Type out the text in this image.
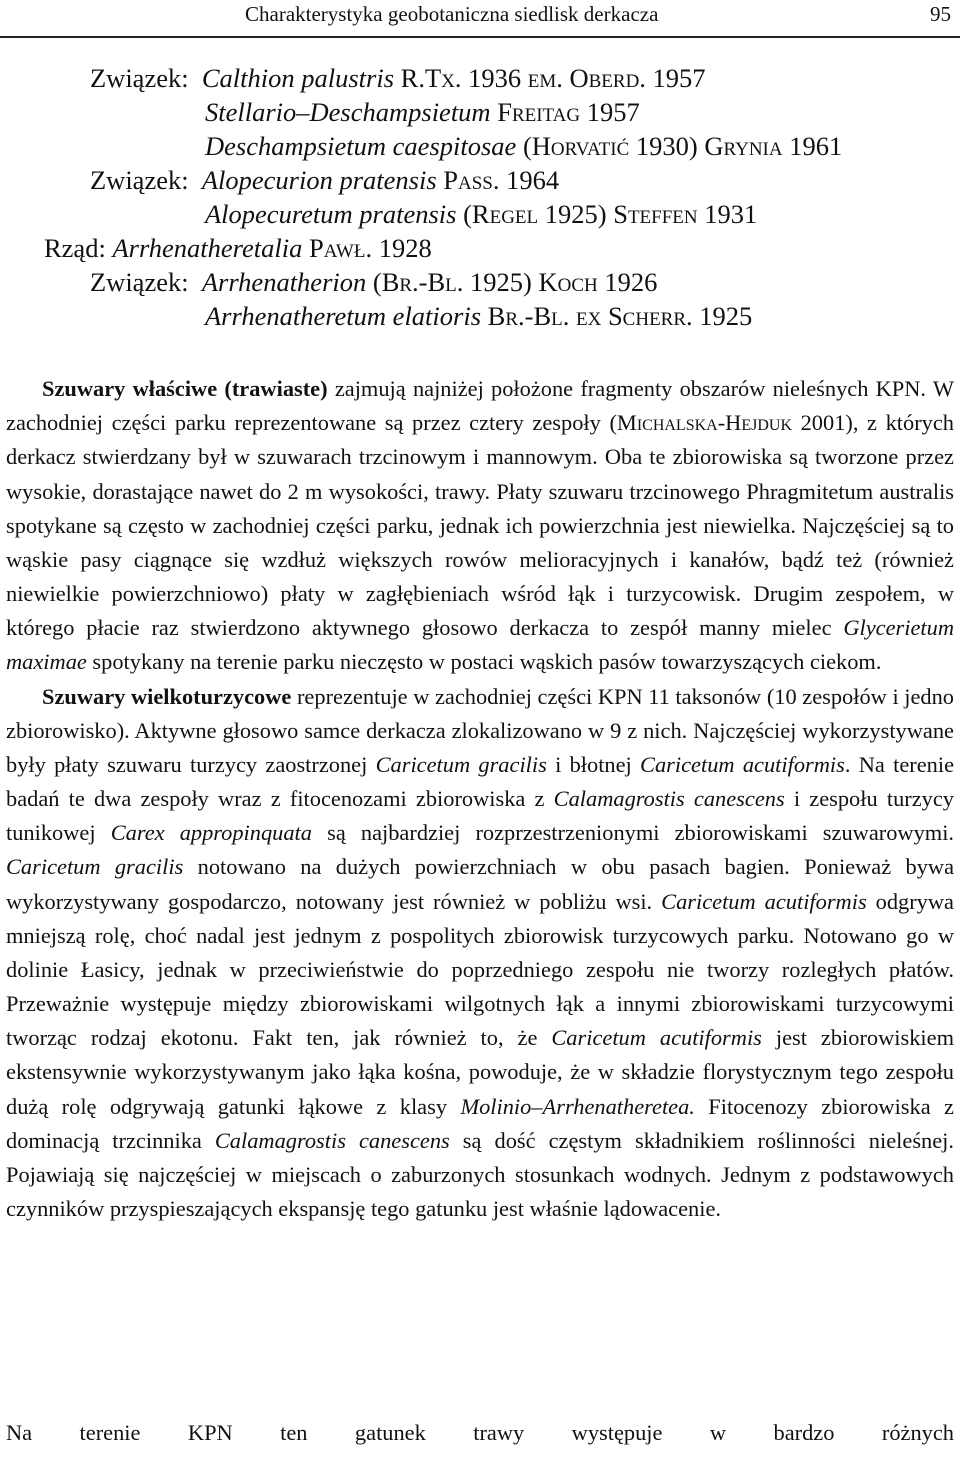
Charakterystyka geobotaniczna siedlisk derkacza	95
Związek: Calthion palustris R.Tx. 1936 em. Oberd. 1957
Stellario–Deschampsietum Freitag 1957
Deschampsietum caespitosae (Horvatić 1930) Grynia 1961
Związek: Alopecurion pratensis Pass. 1964
Alopecuretum pratensis (Regel 1925) Steffen 1931
Rząd: Arrhenatheretalia Pawł. 1928
Związek: Arrhenatherion (Br.-Bl. 1925) Koch 1926
Arrhenatheretum elatioris Br.-Bl. ex Scherr. 1925

Szuwary właściwe (trawiaste) zajmują najniżej położone fragmenty obszarów nieleśnych KPN. W zachodniej części parku reprezentowane są przez cztery zespoły (Michalska-Hejduk 2001), z których derkacz stwierdzany był w szuwarach trzcinowym i mannowym. Oba te zbiorowiska są tworzone przez wysokie, dorastające nawet do 2 m wysokości, trawy. Płaty szuwaru trzcinowego Phragmitetum australis spotykane są często w zachodniej części parku, jednak ich powierzchnia jest niewielka. Najczęściej są to wąskie pasy ciągnące się wzdłuż większych rowów melioracyjnych i kanałów, bądź też (również niewielkie powierzchniowo) płaty w zagłębieniach wśród łąk i turzycowisk. Drugim zespołem, w którego płacie raz stwierdzono aktywnego głosowo derkacza to zespół manny mielec Glycerietum maximae spotykany na terenie parku nieczęsto w postaci wąskich pasów towarzyszących ciekom.

Szuwary wielkoturzycowe reprezentuje w zachodniej części KPN 11 taksonów (10 zespołów i jedno zbiorowisko). Aktywne głosowo samce derkacza zlokalizowano w 9 z nich. Najczęściej wykorzystywane były płaty szuwaru turzycy zaostrzonej Caricetum gracilis i błotnej Caricetum acutiformis. Na terenie badań te dwa zespoły wraz z fitocenozami zbiorowiska z Calamagrostis canescens i zespołu turzycy tunikowej Carex appropinquata są najbardziej rozprzestrzenionymi zbiorowiskami szuwarowymi. Caricetum gracilis notowano na dużych powierzchniach w obu pasach bagien. Ponieważ bywa wykorzystywany gospodarczo, notowany jest również w pobliżu wsi. Caricetum acutiformis odgrywa mniejszą rolę, choć nadal jest jednym z pospolitych zbiorowisk turzycowych parku. Notowano go w dolinie Łasicy, jednak w przeciwieństwie do poprzedniego zespołu nie tworzy rozległych płatów. Przeważnie występuje między zbiorowiskami wilgotnych łąk a innymi zbiorowiskami turzycowymi tworząc rodzaj ekotonu. Fakt ten, jak również to, że Caricetum acutiformis jest zbiorowiskiem ekstensywnie wykorzystywanym jako łąka kośna, powoduje, że w składzie florystycznym tego zespołu dużą rolę odgrywają gatunki łąkowe z klasy Molinio–Arrhenatheretea. Fitocenozy zbiorowiska z dominacją trzcinnika Calamagrostis canescens są dość częstym składnikiem roślinności nieleśnej. Pojawiają się najczęściej w miejscach o zaburzonych stosunkach wodnych. Jednym z podstawowych czynników przyspieszających ekspansję tego gatunku jest właśnie lądowacenie.

Na terenie KPN ten gatunek trawy występuje w bardzo różnych
